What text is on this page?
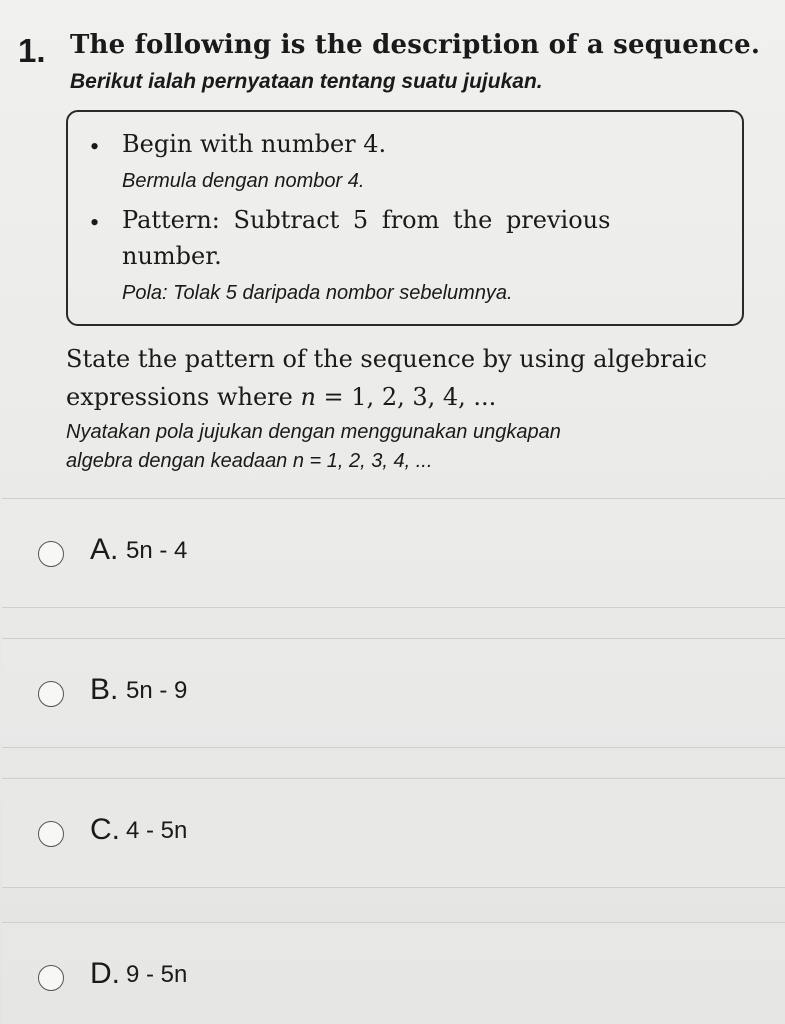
1. The following is the description of a sequence.
Berikut ialah pernyataan tentang suatu jujukan.
• Begin with number 4.
Bermula dengan nombor 4.
• Pattern: Subtract 5 from the previous
number.
Pola: Tolak 5 daripada nombor sebelumnya.
State the pattern of the sequence by using algebraic
expressions where n = 1, 2, 3, 4, ...
Nyatakan pola jujukan dengan menggunakan ungkapan
algebra dengan keadaan n = 1, 2, 3, 4, ...
A. 5n - 4
B. 5n - 9
C. 4 - 5n
D. 9 - 5n
